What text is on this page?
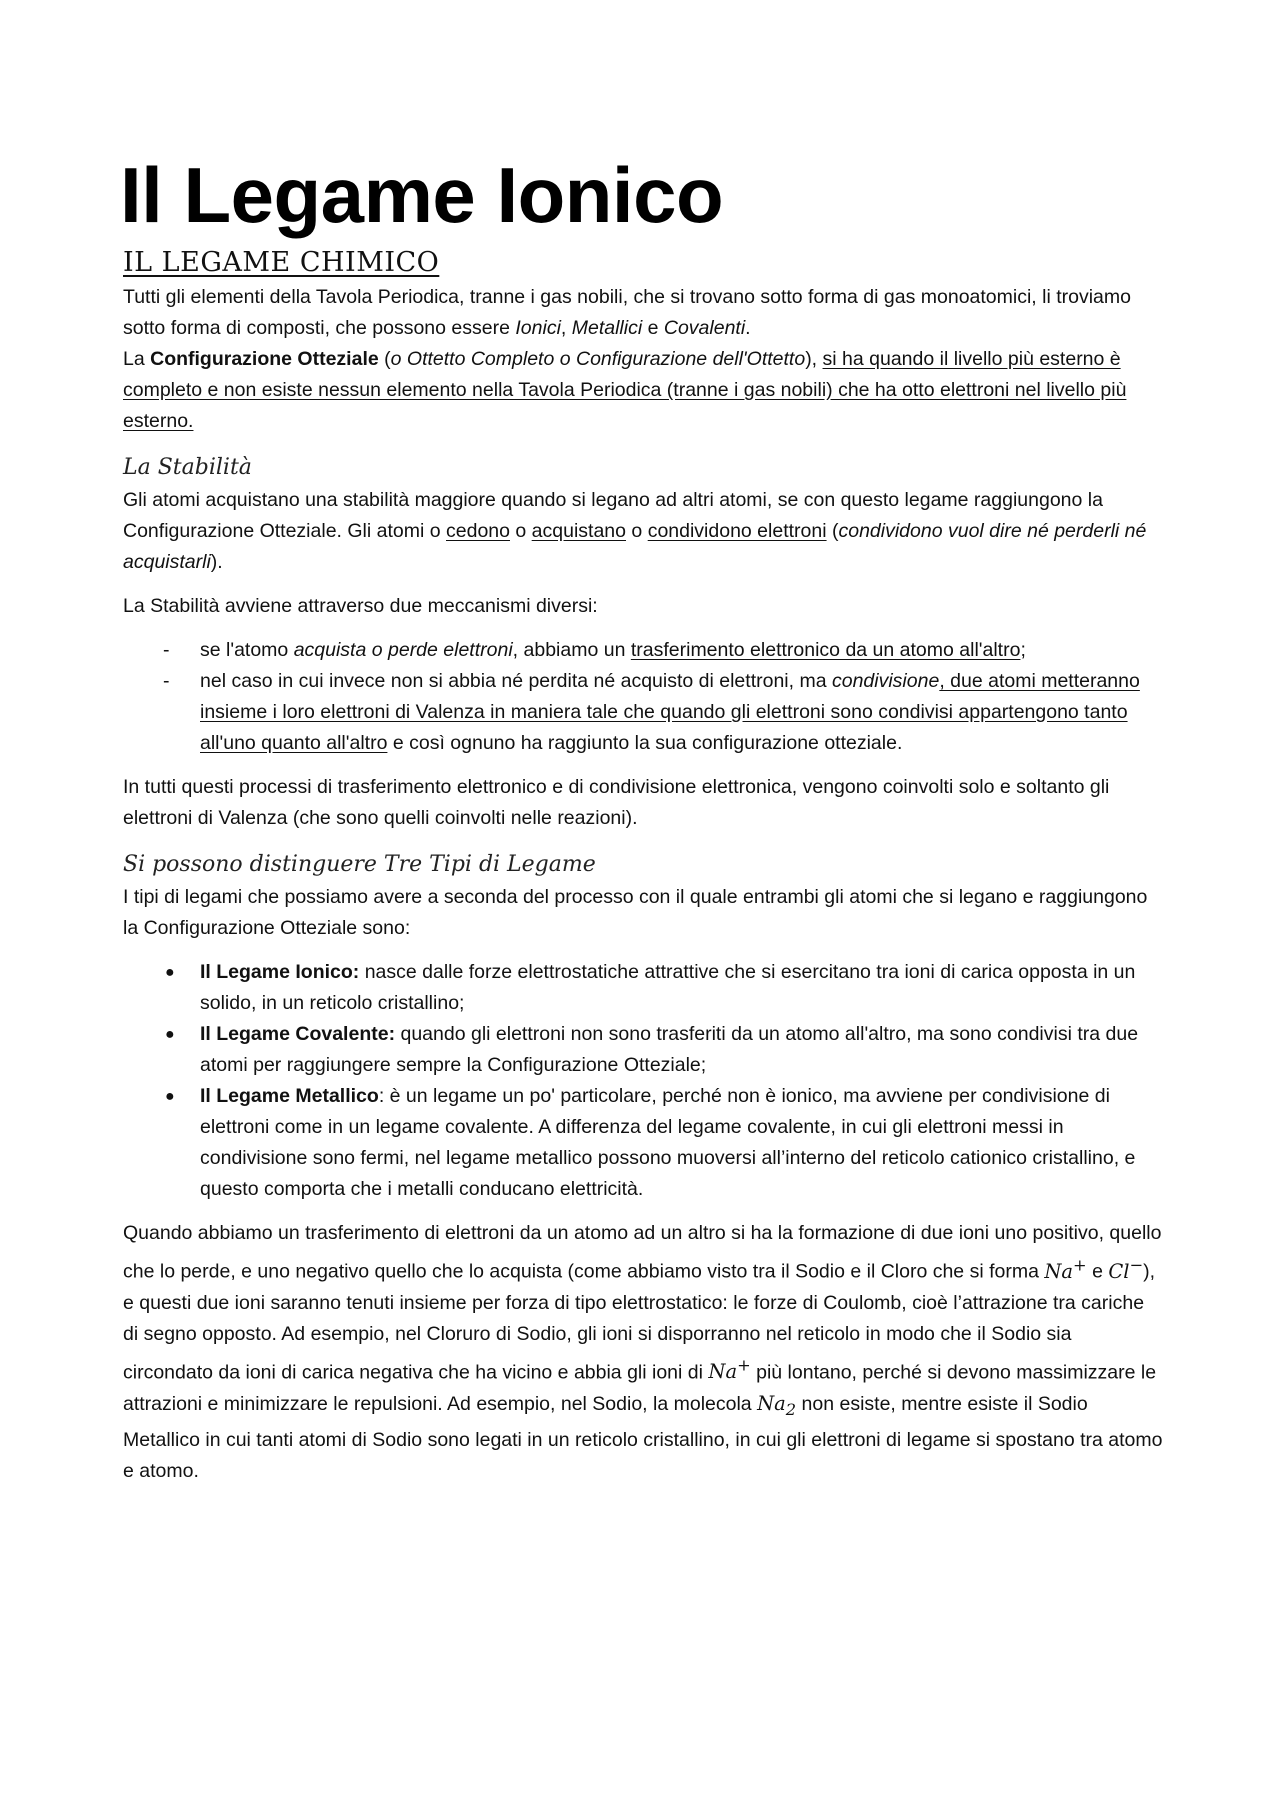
Il Legame Ionico
IL LEGAME CHIMICO

Tutti gli elementi della Tavola Periodica, tranne i gas nobili, che si trovano sotto forma di gas monoatomici, li troviamo sotto forma di composti, che possono essere Ionici, Metallici e Covalenti.

La Configurazione Otteziale (o Ottetto Completo o Configurazione dell'Ottetto), si ha quando il livello più esterno è completo e non esiste nessun elemento nella Tavola Periodica (tranne i gas nobili) che ha otto elettroni nel livello più esterno.

La Stabilità

Gli atomi acquistano una stabilità maggiore quando si legano ad altri atomi, se con questo legame raggiungono la Configurazione Otteziale. Gli atomi o cedono o acquistano o condividono elettroni (condividono vuol dire né perderli né acquistarli).

La Stabilità avviene attraverso due meccanismi diversi:

- se l'atomo acquista o perde elettroni, abbiamo un trasferimento elettronico da un atomo all'altro;
- nel caso in cui invece non si abbia né perdita né acquisto di elettroni, ma condivisione, due atomi metteranno insieme i loro elettroni di Valenza in maniera tale che quando gli elettroni sono condivisi appartengono tanto all'uno quanto all'altro e così ognuno ha raggiunto la sua configurazione otteziale.

In tutti questi processi di trasferimento elettronico e di condivisione elettronica, vengono coinvolti solo e soltanto gli elettroni di Valenza (che sono quelli coinvolti nelle reazioni).

Si possono distinguere Tre Tipi di Legame

I tipi di legami che possiamo avere a seconda del processo con il quale entrambi gli atomi che si legano e raggiungono la Configurazione Otteziale sono:

● Il Legame Ionico: nasce dalle forze elettrostatiche attrattive che si esercitano tra ioni di carica opposta in un solido, in un reticolo cristallino;
● Il Legame Covalente: quando gli elettroni non sono trasferiti da un atomo all'altro, ma sono condivisi tra due atomi per raggiungere sempre la Configurazione Otteziale;
● Il Legame Metallico: è un legame un po' particolare, perché non è ionico, ma avviene per condivisione di elettroni come in un legame covalente. A differenza del legame covalente, in cui gli elettroni messi in condivisione sono fermi, nel legame metallico possono muoversi all’interno del reticolo cationico cristallino, e questo comporta che i metalli conducano elettricità.

Quando abbiamo un trasferimento di elettroni da un atomo ad un altro si ha la formazione di due ioni uno positivo, quello che lo perde, e uno negativo quello che lo acquista (come abbiamo visto tra il Sodio e il Cloro che si forma Na+ e Cl−), e questi due ioni saranno tenuti insieme per forza di tipo elettrostatico: le forze di Coulomb, cioè l’attrazione tra cariche di segno opposto. Ad esempio, nel Cloruro di Sodio, gli ioni si disporranno nel reticolo in modo che il Sodio sia circondato da ioni di carica negativa che ha vicino e abbia gli ioni di Na+ più lontano, perché si devono massimizzare le attrazioni e minimizzare le repulsioni. Ad esempio, nel Sodio, la molecola $Na_2$ non esiste, mentre esiste il Sodio Metallico in cui tanti atomi di Sodio sono legati in un reticolo cristallino, in cui gli elettroni di legame si spostano tra atomo e atomo.
